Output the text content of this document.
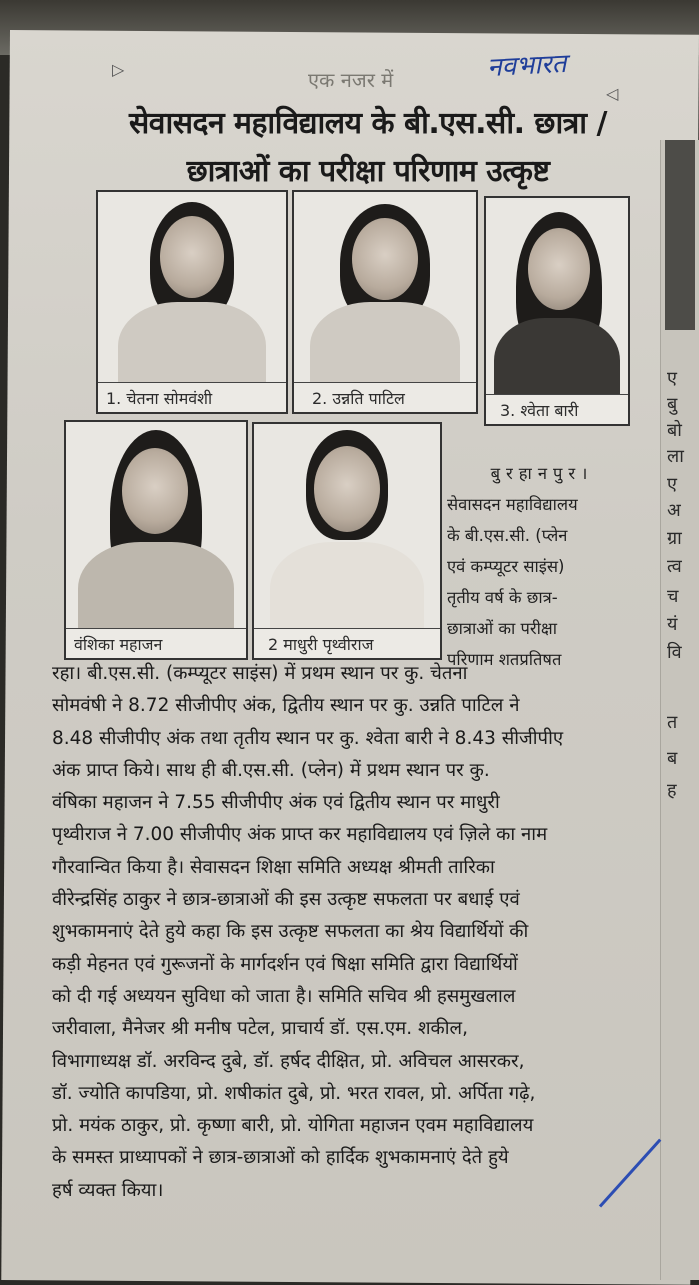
ए
बु
बो
ला
ए
अ
ग्रा
त्व
च
यं
वि
त
ब
ह
▷
◁
एक नजर में	नवभारत
सेवासदन महाविद्यालय के बी.एस.सी. छात्रा /
छात्राओं का परीक्षा परिणाम उत्कृष्ट
1. चेतना सोमवंशी	2. उन्नति पाटिल
3. श्वेता बारी
वंशिका महाजन	2 माधुरी पृथ्वीराज
बुरहानपुर।
सेवासदन महाविद्यालय
के बी.एस.सी. (प्लेन
एवं कम्प्यूटर साइंस)
तृतीय वर्ष के छात्र-
छात्राओं का परीक्षा
परिणाम शतप्रतिषत
रहा। बी.एस.सी. (कम्प्यूटर साइंस) में प्रथम स्थान पर कु. चेतना
सोमवंषी ने 8.72 सीजीपीए अंक, द्वितीय स्थान पर कु. उन्नति पाटिल ने
8.48 सीजीपीए अंक तथा तृतीय स्थान पर कु. श्वेता बारी ने 8.43 सीजीपीए
अंक प्राप्त किये। साथ ही बी.एस.सी. (प्लेन) में प्रथम स्थान पर कु.
वंषिका महाजन ने 7.55 सीजीपीए अंक एवं द्वितीय स्थान पर माधुरी
पृथ्वीराज ने 7.00 सीजीपीए अंक प्राप्त कर महाविद्यालय एवं ज़िले का नाम
गौरवान्वित किया है। सेवासदन शिक्षा समिति अध्यक्ष श्रीमती तारिका
वीरेन्द्रसिंह ठाकुर ने छात्र-छात्राओं की इस उत्कृष्ट सफलता पर बधाई एवं
शुभकामनाएं देते हुये कहा कि इस उत्कृष्ट सफलता का श्रेय विद्यार्थियों की
कड़ी मेहनत एवं गुरूजनों के मार्गदर्शन एवं षिक्षा समिति द्वारा विद्यार्थियों
को दी गई अध्ययन सुविधा को जाता है। समिति सचिव श्री हसमुखलाल
जरीवाला, मैनेजर श्री मनीष पटेल, प्राचार्य डॉ. एस.एम. शकील,
विभागाध्यक्ष डॉ. अरविन्द दुबे, डॉ. हर्षद दीक्षित, प्रो. अविचल आसरकर,
डॉ. ज्योति कापडिया, प्रो. शषीकांत दुबे, प्रो. भरत रावल, प्रो. अर्पिता गढ़े,
प्रो. मयंक ठाकुर, प्रो. कृष्णा बारी, प्रो. योगिता महाजन एवम महाविद्यालय
के समस्त प्राध्यापकों ने छात्र-छात्राओं को हार्दिक शुभकामनाएं देते हुये
हर्ष व्यक्त किया।
